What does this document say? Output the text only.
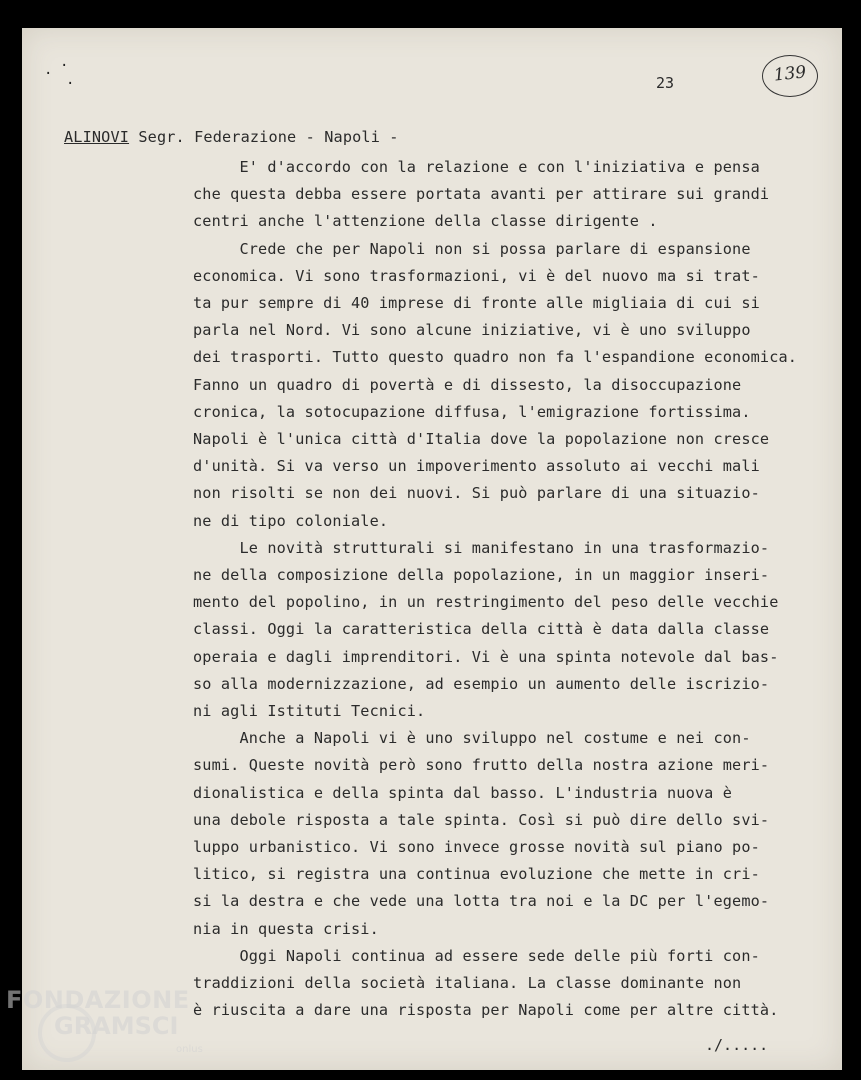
·
·
·	23	139
ALINOVI Segr. Federazione - Napoli -
E' d'accordo con la relazione e con l'iniziativa e pensa
che questa debba essere portata avanti per attirare sui grandi
centri anche l'attenzione della classe dirigente .
Crede che per Napoli non si possa parlare di espansione
economica. Vi sono trasformazioni, vi è del nuovo ma si trat-
ta pur sempre di 40 imprese di fronte alle migliaia di cui si
parla nel Nord. Vi sono alcune iniziative, vi è uno sviluppo
dei trasporti. Tutto questo quadro non fa l'espandione economica.
Fanno un quadro di povertà e di dissesto, la disoccupazione
cronica, la sotocupazione diffusa, l'emigrazione fortissima.
Napoli è l'unica città d'Italia dove la popolazione non cresce
d'unità. Si va verso un impoverimento assoluto ai vecchi mali
non risolti se non dei nuovi. Si può parlare di una situazio-
ne di tipo coloniale.
Le novità strutturali si manifestano in una trasformazio-
ne della composizione della popolazione, in un maggior inseri-
mento del popolino, in un restringimento del peso delle vecchie
classi. Oggi la caratteristica della città è data dalla classe
operaia e dagli imprenditori. Vi è una spinta notevole dal bas-
so alla modernizzazione, ad esempio un aumento delle iscrizio-
ni agli Istituti Tecnici.
Anche a Napoli vi è uno sviluppo nel costume e nei con-
sumi. Queste novità però sono frutto della nostra azione meri-
dionalistica e della spinta dal basso. L'industria nuova è
una debole risposta a tale spinta. Così si può dire dello svi-
luppo urbanistico. Vi sono invece grosse novità sul piano po-
litico, si registra una continua evoluzione che mette in cri-
si la destra e che vede una lotta tra noi e la DC per l'egemo-
nia in questa crisi.
Oggi Napoli continua ad essere sede delle più forti con-
traddizioni della società italiana. La classe dominante non
è riuscita a dare una risposta per Napoli come per altre città.
./.....
FONDAZIONE
GRAMSCI
onlus
